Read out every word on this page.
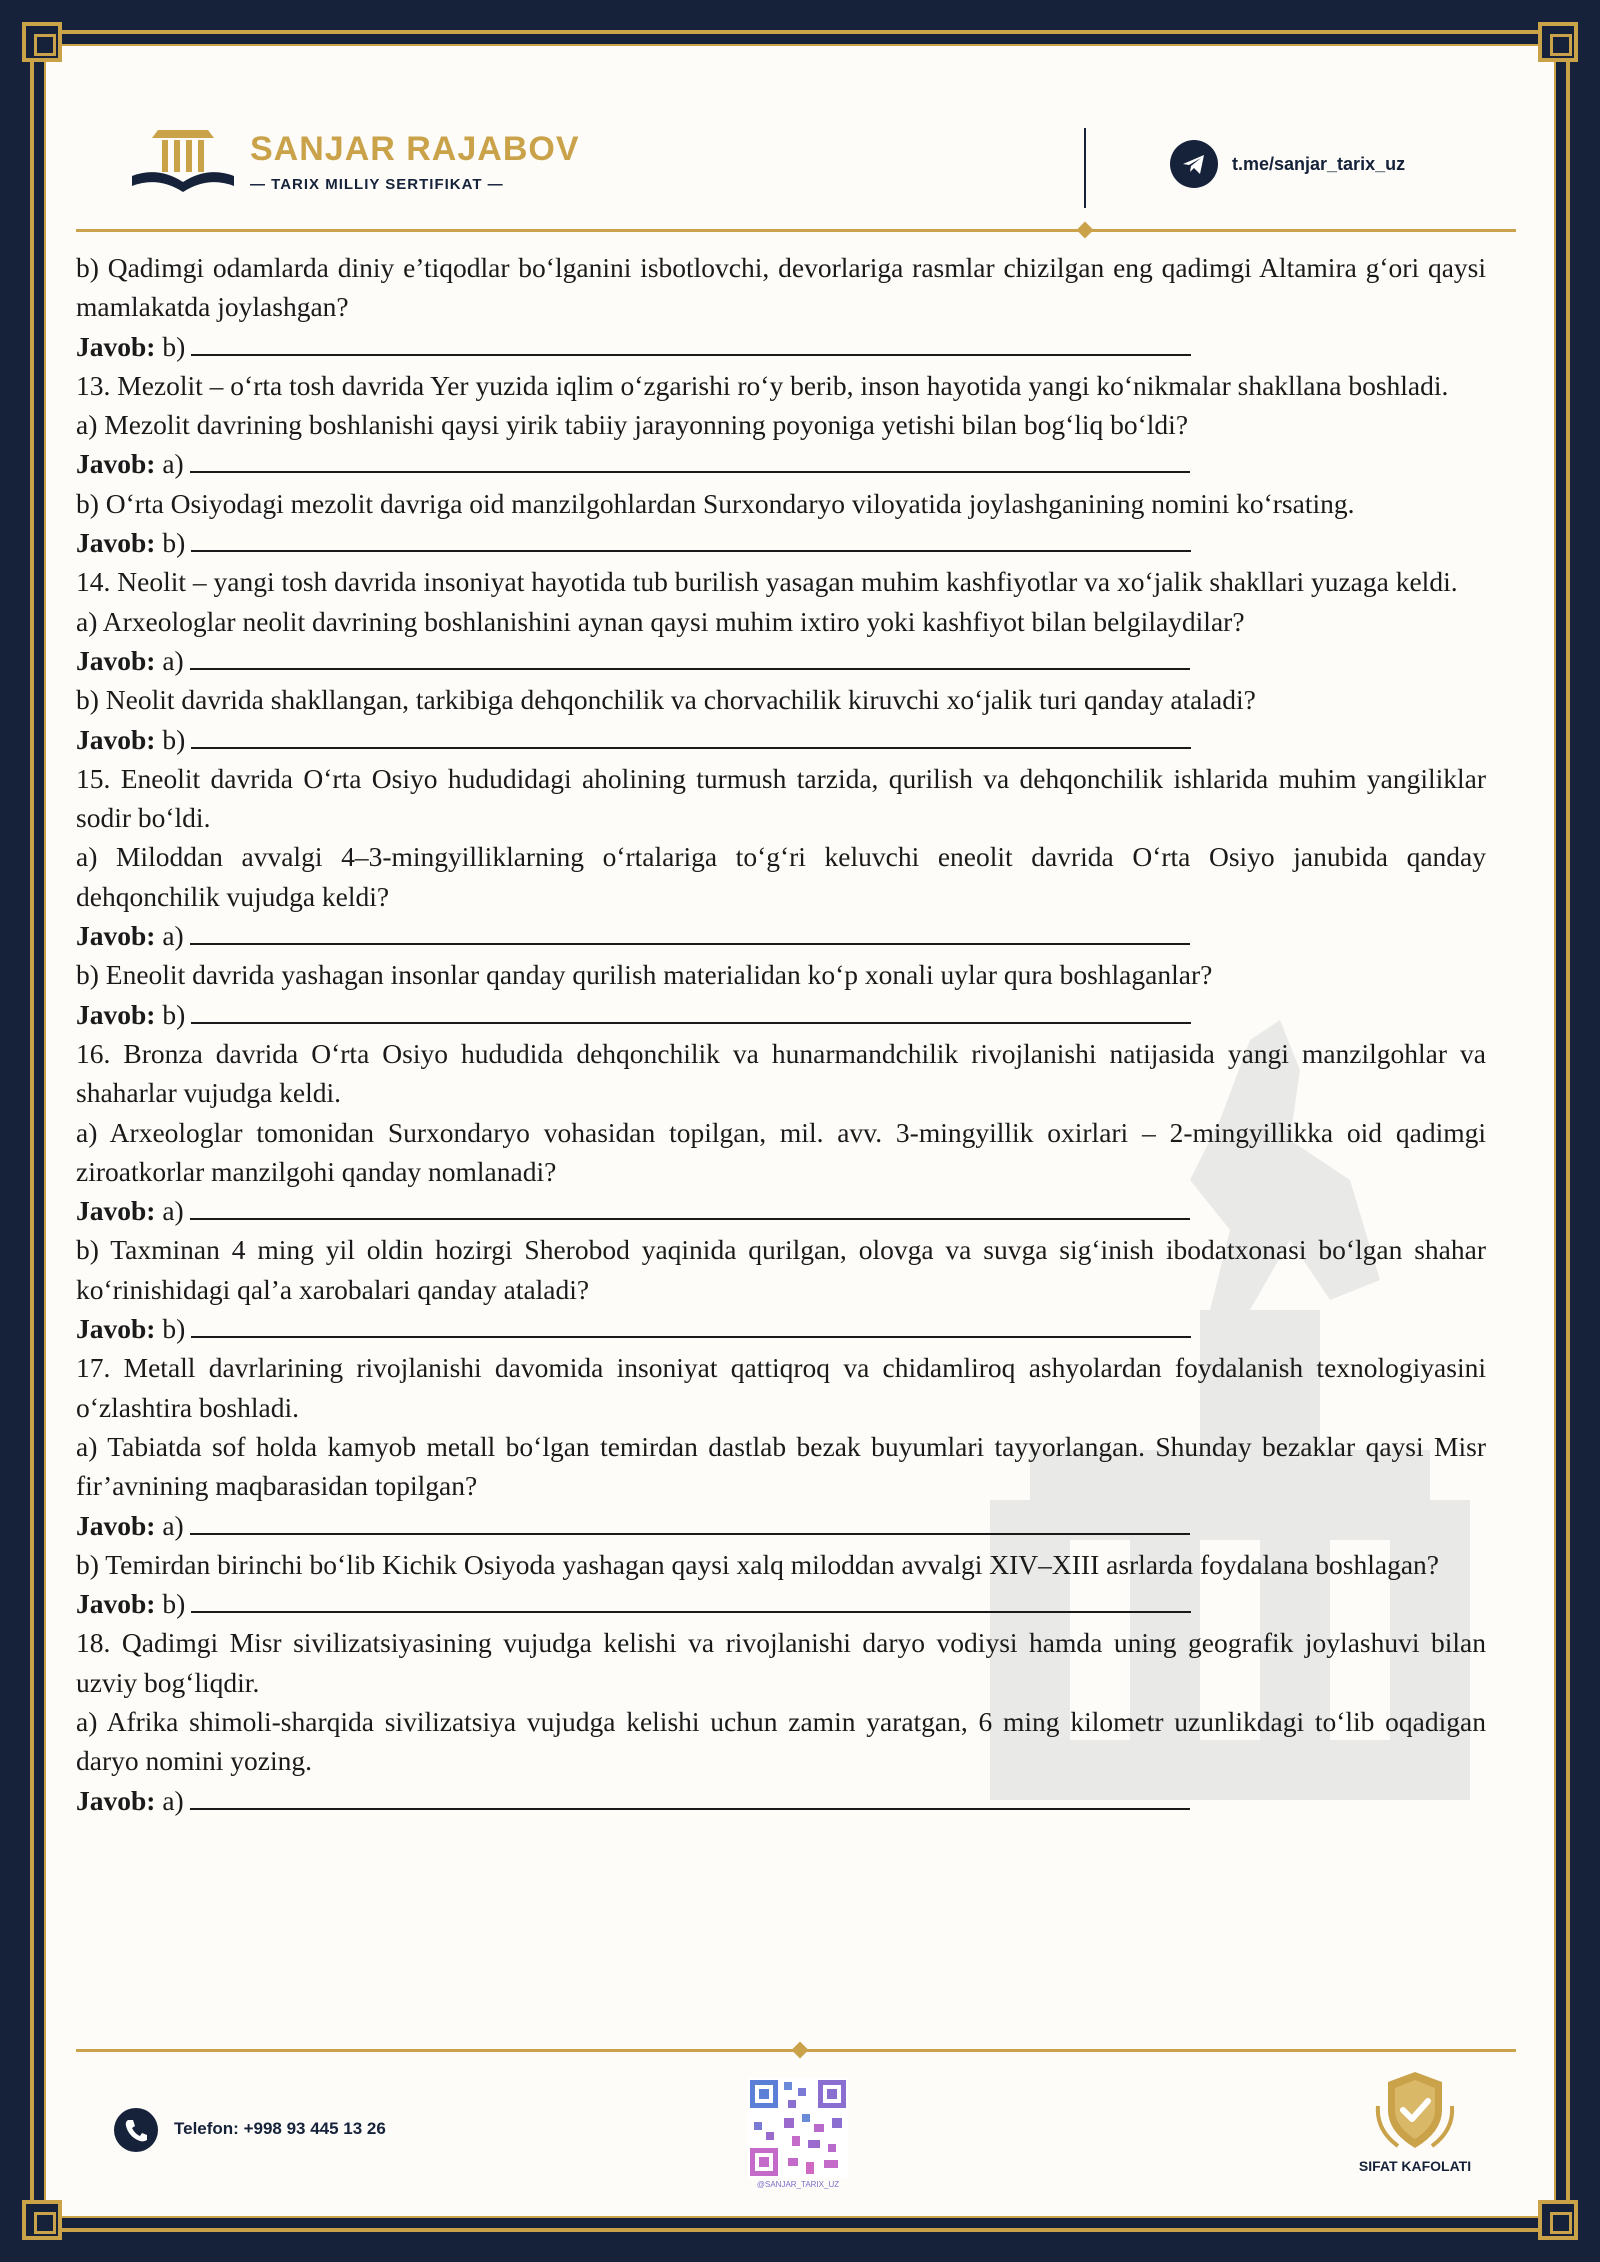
SANJAR RAJABOV
— TARIX MILLIY SERTIFIKAT —
t.me/sanjar_tarix_uz

b) Qadimgi odamlarda diniy e’tiqodlar bo‘lganini isbotlovchi, devorlariga rasmlar chizilgan eng qadimgi Altamira g‘ori qaysi mamlakatda joylashgan?

Javob: b)

13. Mezolit – o‘rta tosh davrida Yer yuzida iqlim o‘zgarishi ro‘y berib, inson hayotida yangi ko‘nikmalar shakllana boshladi.

a) Mezolit davrining boshlanishi qaysi yirik tabiiy jarayonning poyoniga yetishi bilan bog‘liq bo‘ldi?

Javob: a)

b) O‘rta Osiyodagi mezolit davriga oid manzilgohlardan Surxondaryo viloyatida joylashganining nomini ko‘rsating.

Javob: b)

14. Neolit – yangi tosh davrida insoniyat hayotida tub burilish yasagan muhim kashfiyotlar va xo‘jalik shakllari yuzaga keldi.

a) Arxeologlar neolit davrining boshlanishini aynan qaysi muhim ixtiro yoki kashfiyot bilan belgilaydilar?

Javob: a)

b) Neolit davrida shakllangan, tarkibiga dehqonchilik va chorvachilik kiruvchi xo‘jalik turi qanday ataladi?

Javob: b)

15. Eneolit davrida O‘rta Osiyo hududidagi aholining turmush tarzida, qurilish va dehqonchilik ishlarida muhim yangiliklar sodir bo‘ldi.

a) Miloddan avvalgi 4–3-mingyilliklarning o‘rtalariga to‘g‘ri keluvchi eneolit davrida O‘rta Osiyo janubida qanday dehqonchilik vujudga keldi?

Javob: a)

b) Eneolit davrida yashagan insonlar qanday qurilish materialidan ko‘p xonali uylar qura boshlaganlar?

Javob: b)

16. Bronza davrida O‘rta Osiyo hududida dehqonchilik va hunarmandchilik rivojlanishi natijasida yangi manzilgohlar va shaharlar vujudga keldi.

a) Arxeologlar tomonidan Surxondaryo vohasidan topilgan, mil. avv. 3-mingyillik oxirlari – 2-mingyillikka oid qadimgi ziroatkorlar manzilgohi qanday nomlanadi?

Javob: a)

b) Taxminan 4 ming yil oldin hozirgi Sherobod yaqinida qurilgan, olovga va suvga sig‘inish ibodatxonasi bo‘lgan shahar ko‘rinishidagi qal’a xarobalari qanday ataladi?

Javob: b)

17. Metall davrlarining rivojlanishi davomida insoniyat qattiqroq va chidamliroq ashyolardan foydalanish texnologiyasini o‘zlashtira boshladi.

a) Tabiatda sof holda kamyob metall bo‘lgan temirdan dastlab bezak buyumlari tayyorlangan. Shunday bezaklar qaysi Misr fir’avnining maqbarasidan topilgan?

Javob: a)

b) Temirdan birinchi bo‘lib Kichik Osiyoda yashagan qaysi xalq miloddan avvalgi XIV–XIII asrlarda foydalana boshlagan?

Javob: b)

18. Qadimgi Misr sivilizatsiyasining vujudga kelishi va rivojlanishi daryo vodiysi hamda uning geografik joylashuvi bilan uzviy bog‘liqdir.

a) Afrika shimoli-sharqida sivilizatsiya vujudga kelishi uchun zamin yaratgan, 6 ming kilometr uzunlikdagi to‘lib oqadigan daryo nomini yozing.

Javob: a)

Telefon: +998 93 445 13 26
@SANJAR_TARIX_UZ
SIFAT KAFOLATI
